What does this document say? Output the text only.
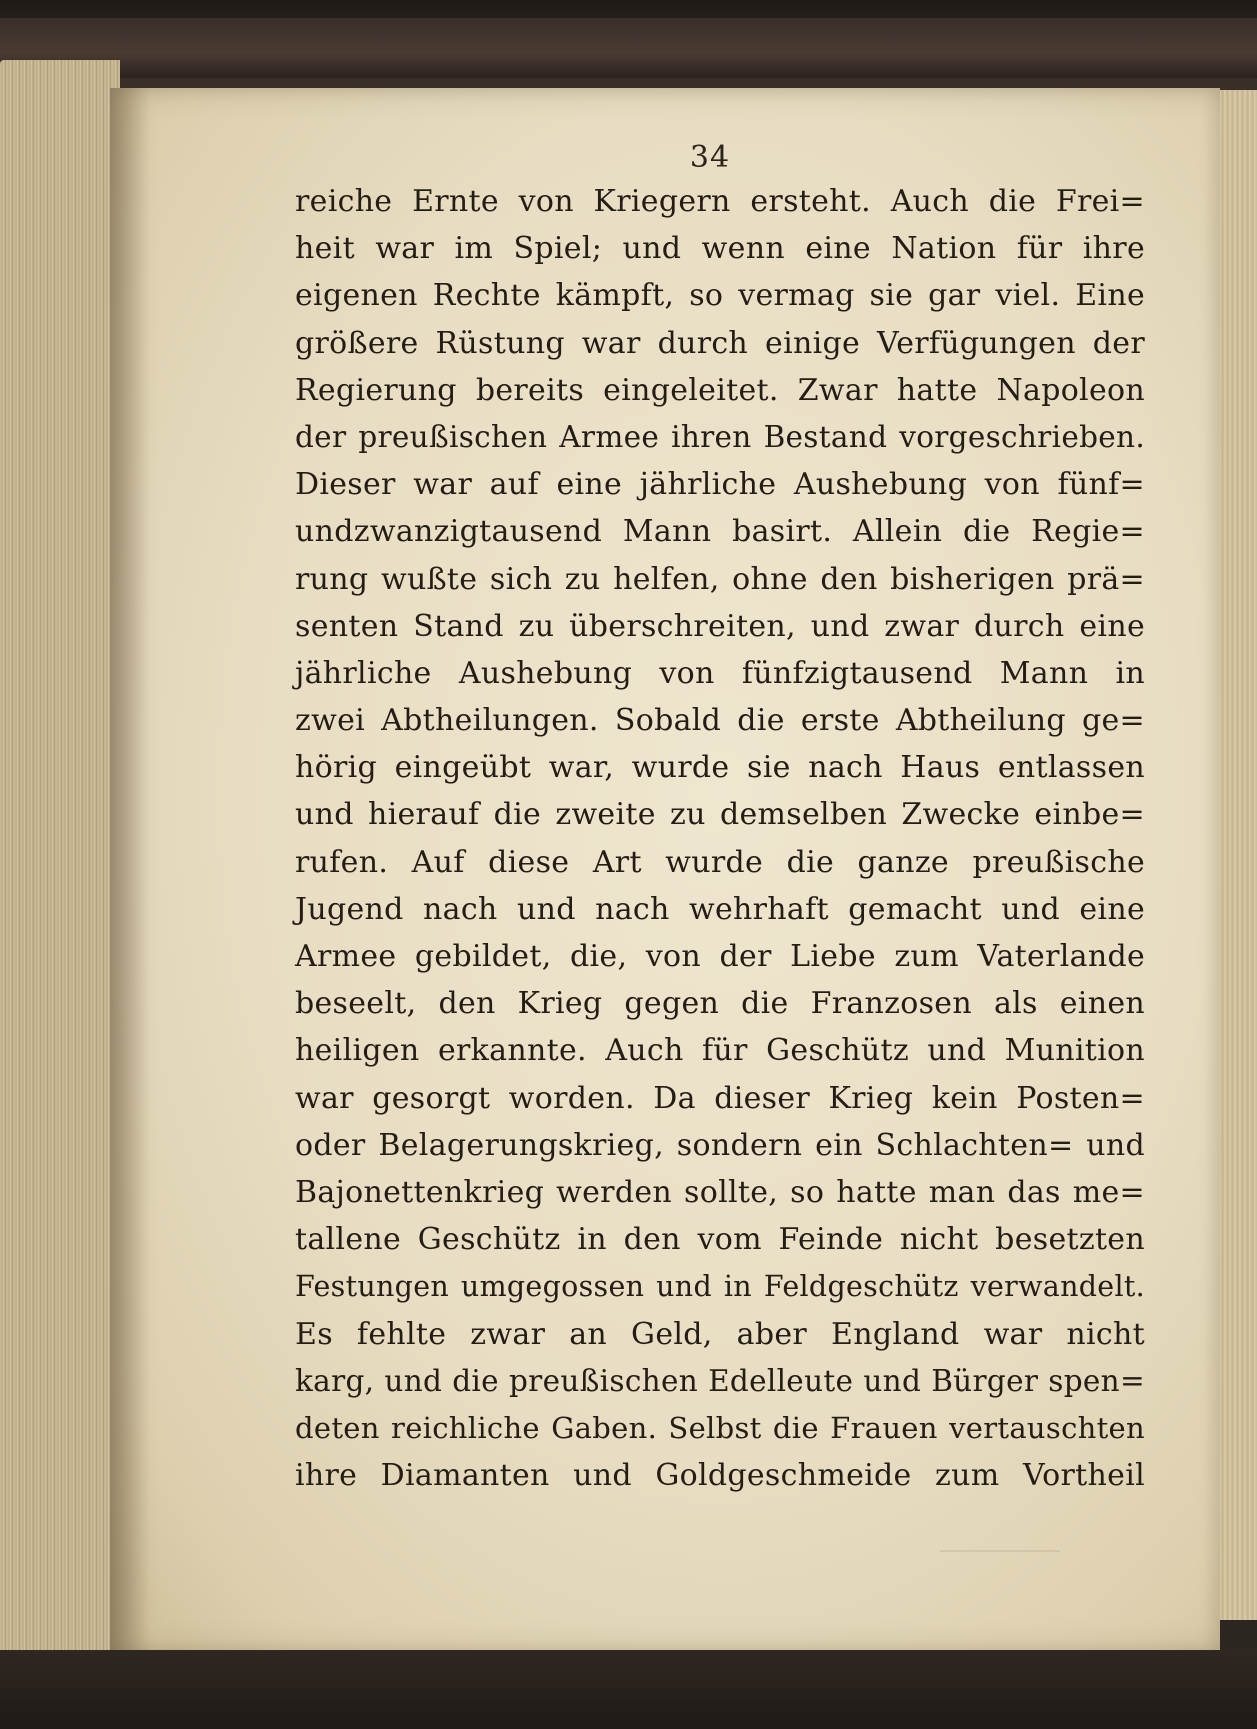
34
reiche Ernte von Kriegern ersteht. Auch die Frei=
heit war im Spiel; und wenn eine Nation für ihre
eigenen Rechte kämpft, so vermag sie gar viel. Eine
größere Rüstung war durch einige Verfügungen der
Regierung bereits eingeleitet. Zwar hatte Napoleon
der preußischen Armee ihren Bestand vorgeschrieben.
Dieser war auf eine jährliche Aushebung von fünf=
undzwanzigtausend Mann basirt. Allein die Regie=
rung wußte sich zu helfen, ohne den bisherigen prä=
senten Stand zu überschreiten, und zwar durch eine
jährliche Aushebung von fünfzigtausend Mann in
zwei Abtheilungen. Sobald die erste Abtheilung ge=
hörig eingeübt war, wurde sie nach Haus entlassen
und hierauf die zweite zu demselben Zwecke einbe=
rufen. Auf diese Art wurde die ganze preußische
Jugend nach und nach wehrhaft gemacht und eine
Armee gebildet, die, von der Liebe zum Vaterlande
beseelt, den Krieg gegen die Franzosen als einen
heiligen erkannte. Auch für Geschütz und Munition
war gesorgt worden. Da dieser Krieg kein Posten=
oder Belagerungskrieg, sondern ein Schlachten= und
Bajonettenkrieg werden sollte, so hatte man das me=
tallene Geschütz in den vom Feinde nicht besetzten
Festungen umgegossen und in Feldgeschütz verwandelt.
Es fehlte zwar an Geld, aber England war nicht
karg, und die preußischen Edelleute und Bürger spen=
deten reichliche Gaben. Selbst die Frauen vertauschten
ihre Diamanten und Goldgeschmeide zum Vortheil
